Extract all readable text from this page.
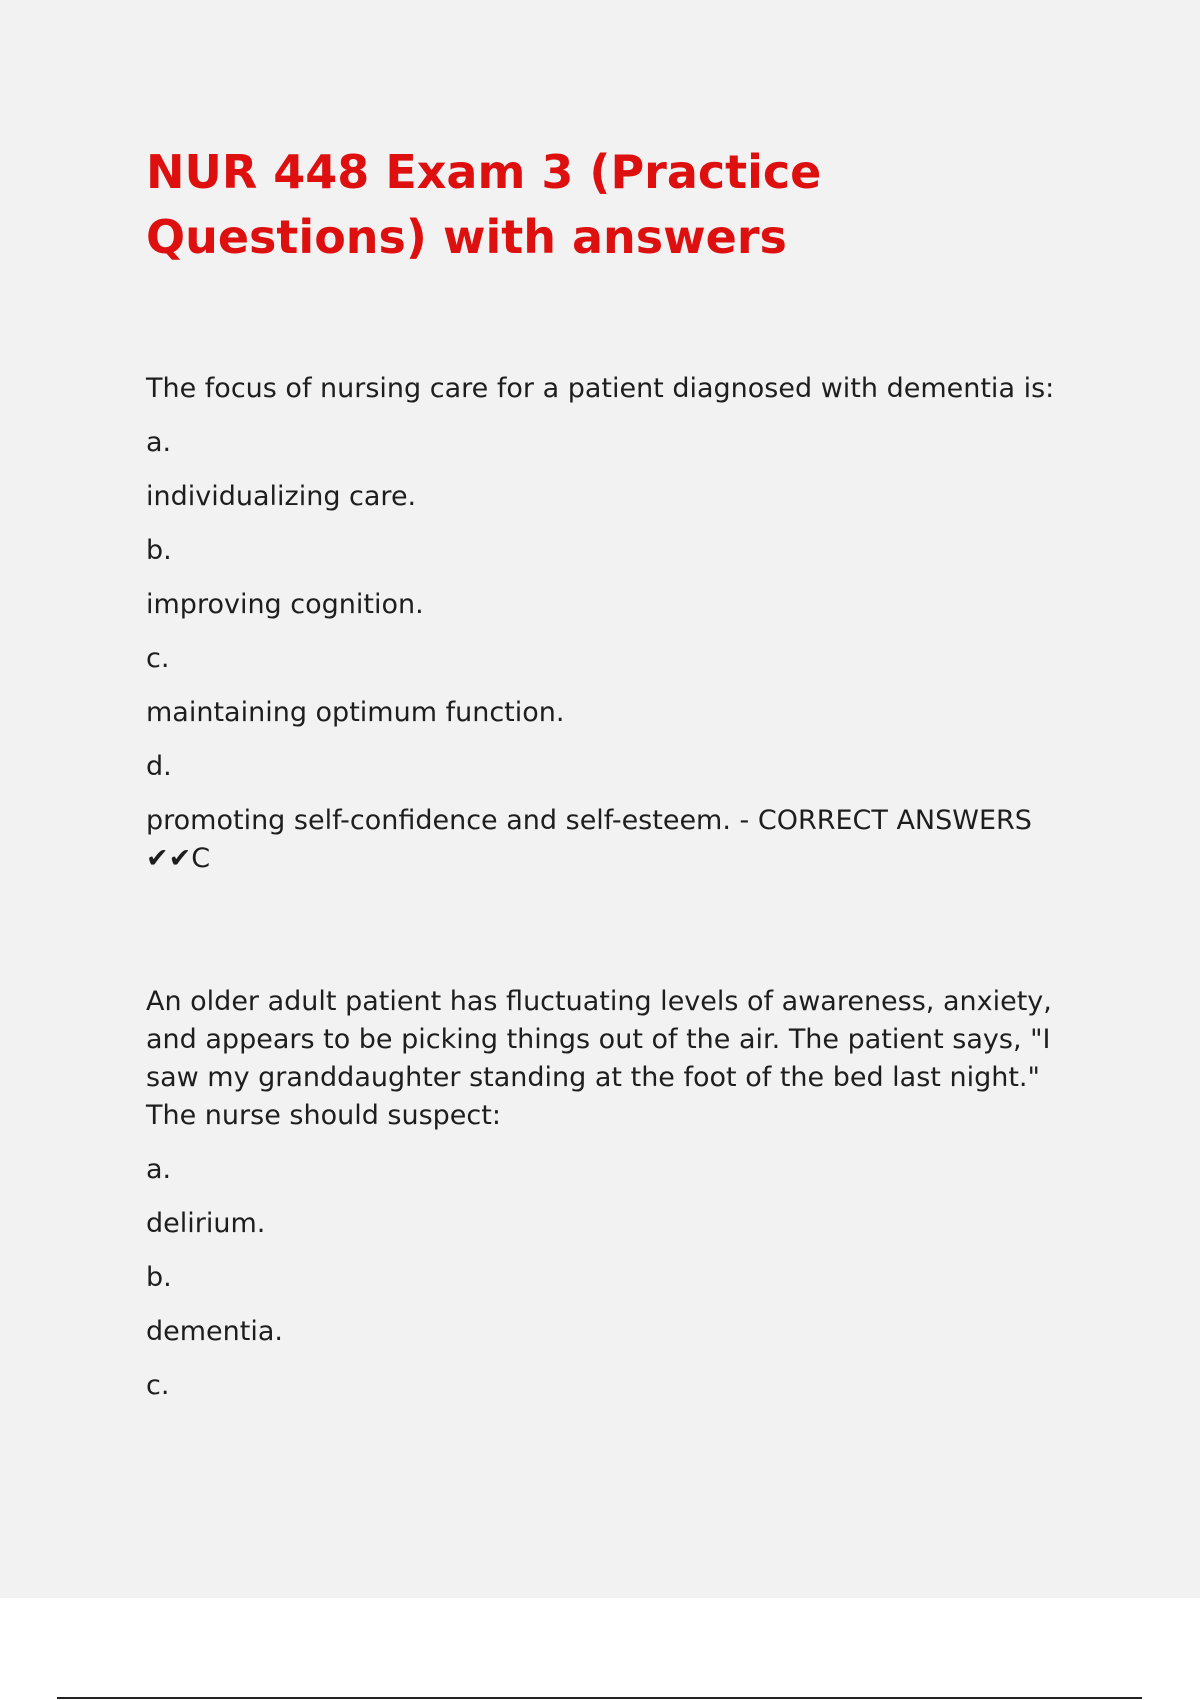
NUR 448 Exam 3 (Practice Questions) with answers

The focus of nursing care for a patient diagnosed with dementia is:

a.

individualizing care.

b.

improving cognition.

c.

maintaining optimum function.

d.

promoting self-confidence and self-esteem. - CORRECT ANSWERS ✔✔C

An older adult patient has fluctuating levels of awareness, anxiety, and appears to be picking things out of the air. The patient says, "I saw my granddaughter standing at the foot of the bed last night." The nurse should suspect:

a.

delirium.

b.

dementia.

c.
